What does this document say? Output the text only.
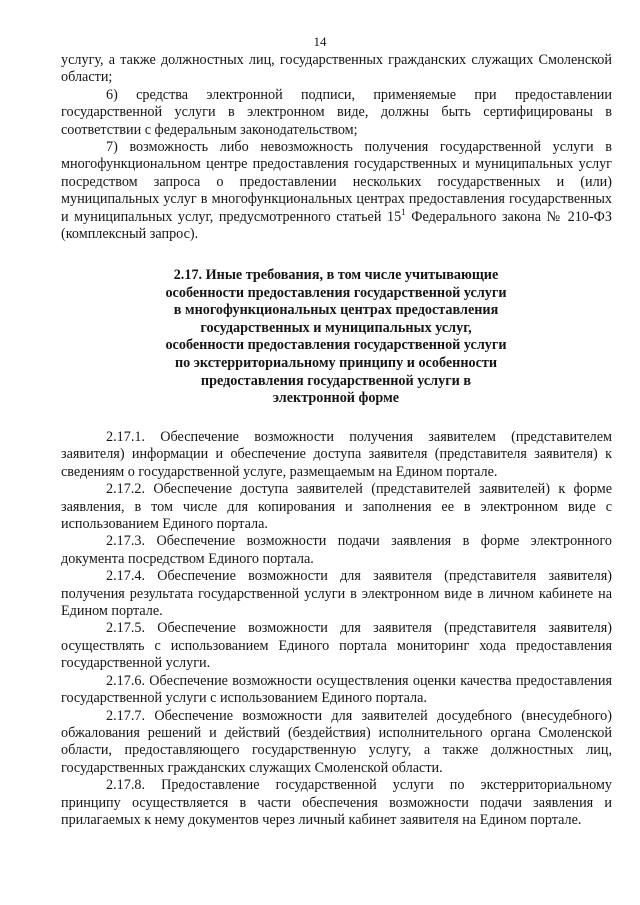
14

услугу, а также должностных лиц, государственных гражданских служащих Смоленской области;

6) средства электронной подписи, применяемые при предоставлении государственной услуги в электронном виде, должны быть сертифицированы в соответствии с федеральным законодательством;

7) возможность либо невозможность получения государственной услуги в многофункциональном центре предоставления государственных и муниципальных услуг посредством запроса о предоставлении нескольких государственных и (или) муниципальных услуг в многофункциональных центрах предоставления государственных и муниципальных услуг, предусмотренного статьей $15^1$ Федерального закона № 210-ФЗ (комплексный запрос).

2.17. Иные требования, в том числе учитывающие
особенности предоставления государственной услуги
в многофункциональных центрах предоставления
государственных и муниципальных услуг,
особенности предоставления государственной услуги
по экстерриториальному принципу и особенности
предоставления государственной услуги в
электронной форме

2.17.1. Обеспечение возможности получения заявителем (представителем заявителя) информации и обеспечение доступа заявителя (представителя заявителя) к сведениям о государственной услуге, размещаемым на Едином портале.

2.17.2. Обеспечение доступа заявителей (представителей заявителей) к форме заявления, в том числе для копирования и заполнения ее в электронном виде с использованием Единого портала.

2.17.3. Обеспечение возможности подачи заявления в форме электронного документа посредством Единого портала.

2.17.4. Обеспечение возможности для заявителя (представителя заявителя) получения результата государственной услуги в электронном виде в личном кабинете на Едином портале.

2.17.5. Обеспечение возможности для заявителя (представителя заявителя) осуществлять с использованием Единого портала мониторинг хода предоставления государственной услуги.

2.17.6. Обеспечение возможности осуществления оценки качества предоставления государственной услуги с использованием Единого портала.

2.17.7. Обеспечение возможности для заявителей досудебного (внесудебного) обжалования решений и действий (бездействия) исполнительного органа Смоленской области, предоставляющего государственную услугу, а также должностных лиц, государственных гражданских служащих Смоленской области.

2.17.8. Предоставление государственной услуги по экстерриториальному принципу осуществляется в части обеспечения возможности подачи заявления и прилагаемых к нему документов через личный кабинет заявителя на Едином портале.
